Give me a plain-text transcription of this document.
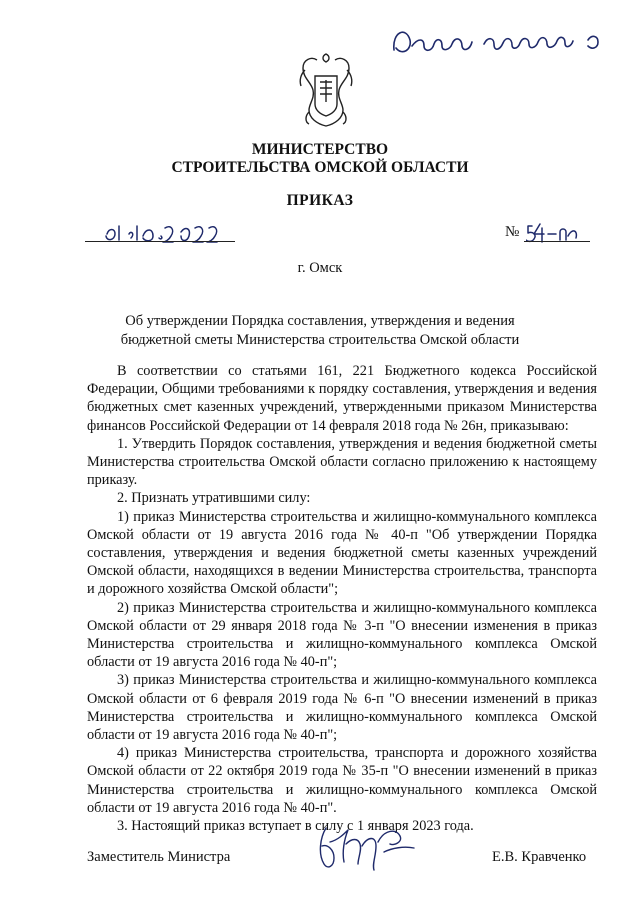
МИНИСТЕРСТВО
СТРОИТЕЛЬСТВА ОМСКОЙ ОБЛАСТИ
ПРИКАЗ
№
г. Омск
Об утверждении Порядка составления, утверждения и ведения бюджетной сметы Министерства строительства Омской области

В соответствии со статьями 161, 221 Бюджетного кодекса Российской Федерации, Общими требованиями к порядку составления, утверждения и ведения бюджетных смет казенных учреждений, утвержденными приказом Министерства финансов Российской Федерации от 14 февраля 2018 года № 26н, приказываю:

1. Утвердить Порядок составления, утверждения и ведения бюджетной сметы Министерства строительства Омской области согласно приложению к настоящему приказу.

2. Признать утратившими силу:

1) приказ Министерства строительства и жилищно-коммунального комплекса Омской области от 19 августа 2016 года № 40-п "Об утверждении Порядка составления, утверждения и ведения бюджетной сметы казенных учреждений Омской области, находящихся в ведении Министерства строительства, транспорта и дорожного хозяйства Омской области";

2) приказ Министерства строительства и жилищно-коммунального комплекса Омской области от 29 января 2018 года № 3-п "О внесении изменения в приказ Министерства строительства и жилищно-коммунального комплекса Омской области от 19 августа 2016 года № 40-п";

3) приказ Министерства строительства и жилищно-коммунального комплекса Омской области от 6 февраля 2019 года № 6-п "О внесении изменений в приказ Министерства строительства и жилищно-коммунального комплекса Омской области от 19 августа 2016 года № 40-п";

4) приказ Министерства строительства, транспорта и дорожного хозяйства Омской области от 22 октября 2019 года № 35-п "О внесении изменений в приказ Министерства строительства и жилищно-коммунального комплекса Омской области от 19 августа 2016 года № 40-п".

3. Настоящий приказ вступает в силу с 1 января 2023 года.

Заместитель Министра	Е.В. Кравченко
